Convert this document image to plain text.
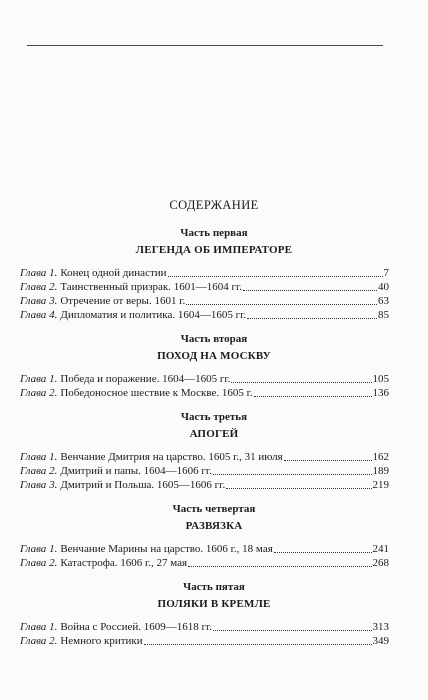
СОДЕРЖАНИЕ
Часть первая
ЛЕГЕНДА ОБ ИМПЕРАТОРЕ
Глава 1. Конец одной династии	7
Глава 2. Таинственный призрак. 1601—1604 гг.	40
Глава 3. Отречение от веры. 1601 г.	63
Глава 4. Дипломатия и политика. 1604—1605 гг.	85
Часть вторая
ПОХОД НА МОСКВУ
Глава 1. Победа и поражение. 1604—1605 гг.	105
Глава 2. Победоносное шествие к Москве. 1605 г.	136
Часть третья
АПОГЕЙ
Глава 1. Венчание Дмитрия на царство. 1605 г., 31 июля	162
Глава 2. Дмитрий и папы. 1604—1606 гг.	189
Глава 3. Дмитрий и Польша. 1605—1606 гг.	219
Часть четвертая
РАЗВЯЗКА
Глава 1. Венчание Марины на царство. 1606 г., 18 мая	241
Глава 2. Катастрофа. 1606 г., 27 мая	268
Часть пятая
ПОЛЯКИ В КРЕМЛЕ
Глава 1. Война с Россией. 1609—1618 гг.	313
Глава 2. Немного критики	349
